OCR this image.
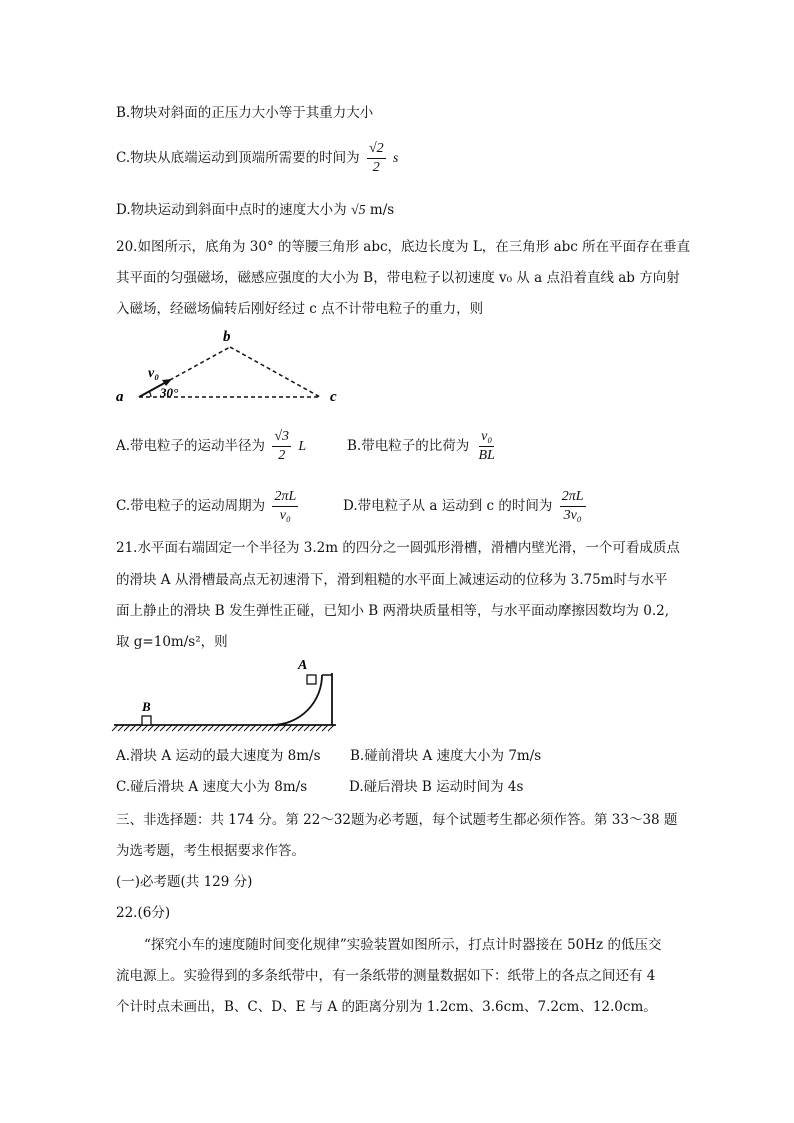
B.物块对斜面的正压力大小等于其重力大小
C.物块从底端运动到顶端所需要的时间为 $\frac{√2}{2}$ s
D.物块运动到斜面中点时的速度大小为 √5 m/s
20.如图所示，底角为 30° 的等腰三角形 abc，底边长度为 L，在三角形 abc 所在平面存在垂直
其平面的匀强磁场，磁感应强度的大小为 B，带电粒子以初速度 v₀ 从 a 点沿着直线 ab 方向射
入磁场，经磁场偏转后刚好经过 c 点不计带电粒子的重力，则
a
b
c
v₀
30°
A.带电粒子的运动半径为 $\frac{√3}{2}$ L	B.带电粒子的比荷为 $\frac{\text{v₀}}{BL}$
C.带电粒子的运动周期为 $\frac{2\pi L}{\text{v₀}}$	D.带电粒子从 a 运动到 c 的时间为 $\frac{2\pi L}{\text{3v₀}}$
21.水平面右端固定一个半径为 3.2m 的四分之一圆弧形滑槽，滑槽内壁光滑，一个可看成质点
的滑块 A 从滑槽最高点无初速滑下，滑到粗糙的水平面上减速运动的位移为 3.75m时与水平
面上静止的滑块 B 发生弹性正碰，已知小 B 两滑块质量相等，与水平面动摩擦因数均为 0.2,
取 g=10m/s²，则
A
B
A.滑块 A 运动的最大速度为 8m/s B.碰前滑块 A 速度大小为 7m/s
C.碰后滑块 A 速度大小为 8m/s	D.碰后滑块 B 运动时间为 4s
三、非选择题：共 174 分。第 22～32题为必考题，每个试题考生都必须作答。第 33～38 题
为选考题，考生根据要求作答。
(一)必考题(共 129 分)
22.(6分)
“探究小车的速度随时间变化规律”实验装置如图所示，打点计时器接在 50Hz 的低压交
流电源上。实验得到的多条纸带中，有一条纸带的测量数据如下：纸带上的各点之间还有 4
个计时点未画出，B、C、D、E 与 A 的距离分别为 1.2cm、3.6cm、7.2cm、12.0cm。
